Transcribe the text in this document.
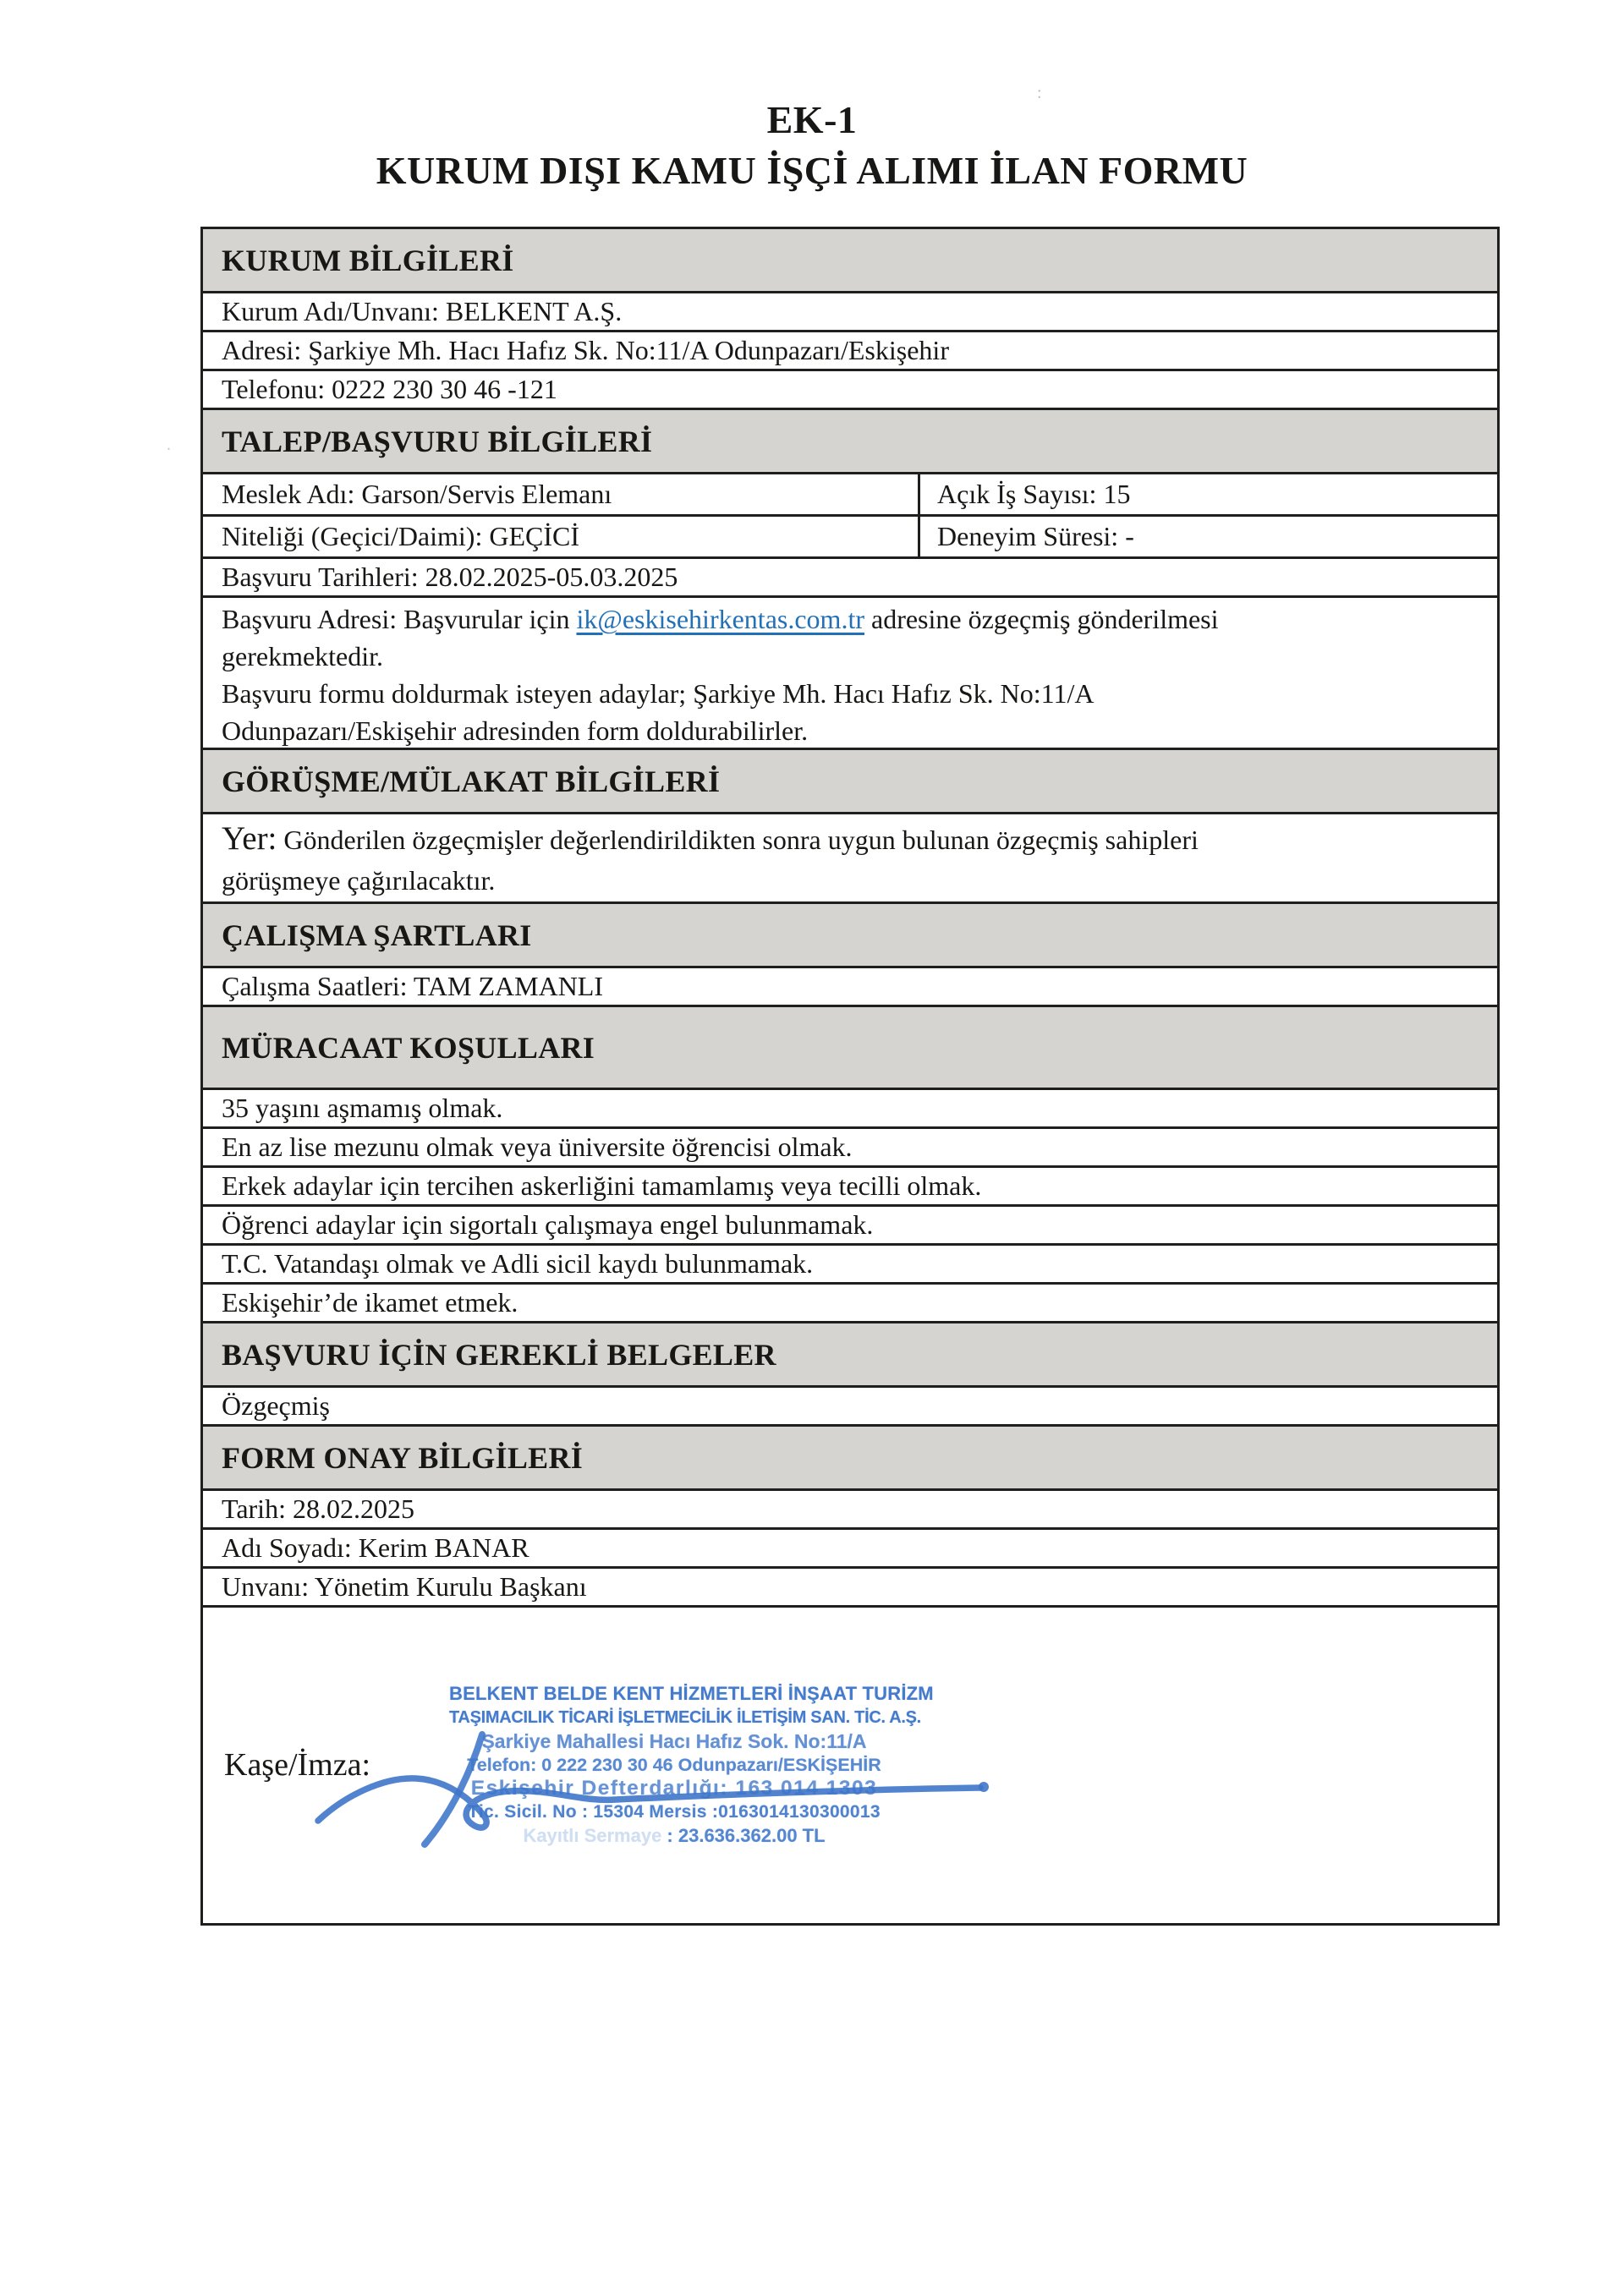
EK-1
KURUM DIŞI KAMU İŞÇİ ALIMI İLAN FORMU
:
.
KURUM BİLGİLERİ
Kurum Adı/Unvanı: BELKENT A.Ş.
Adresi: Şarkiye Mh. Hacı Hafız Sk. No:11/A Odunpazarı/Eskişehir
Telefonu: 0222 230 30 46 -121
TALEP/BAŞVURU BİLGİLERİ
Meslek Adı: Garson/Servis Elemanı	Açık İş Sayısı: 15
Niteliği (Geçici/Daimi): GEÇİCİ	Deneyim Süresi: -
Başvuru Tarihleri: 28.02.2025-05.03.2025
Başvuru Adresi: Başvurular için ik@eskisehirkentas.com.tr adresine özgeçmiş gönderilmesi
gerekmektedir.
Başvuru formu doldurmak isteyen adaylar; Şarkiye Mh. Hacı Hafız Sk. No:11/A
Odunpazarı/Eskişehir adresinden form doldurabilirler.
GÖRÜŞME/MÜLAKAT BİLGİLERİ
Yer: Gönderilen özgeçmişler değerlendirildikten sonra uygun bulunan özgeçmiş sahipleri
görüşmeye çağırılacaktır.
ÇALIŞMA ŞARTLARI
Çalışma Saatleri: TAM ZAMANLI
MÜRACAAT KOŞULLARI
35 yaşını aşmamış olmak.
En az lise mezunu olmak veya üniversite öğrencisi olmak.
Erkek adaylar için tercihen askerliğini tamamlamış veya tecilli olmak.
Öğrenci adaylar için sigortalı çalışmaya engel bulunmamak.
T.C. Vatandaşı olmak ve Adli sicil kaydı bulunmamak.
Eskişehir’de ikamet etmek.
BAŞVURU İÇİN GEREKLİ BELGELER
Özgeçmiş
FORM ONAY BİLGİLERİ
Tarih: 28.02.2025
Adı Soyadı: Kerim BANAR
Unvanı: Yönetim Kurulu Başkanı
Kaşe/İmza:
BELKENT BELDE KENT HİZMETLERİ İNŞAAT TURİZM
TAŞIMACILIK TİCARİ İŞLETMECİLİK İLETİŞİM SAN. TİC. A.Ş.
Şarkiye Mahallesi Hacı Hafız Sok. No:11/A
Telefon: 0 222 230 30 46 Odunpazarı/ESKİŞEHİR
Eskişehir Defterdarlığı: 163 014 1303
Tic. Sicil. No : 15304 Mersis :0163014130300013
Kayıtlı Sermaye : 23.636.362.00 TL
